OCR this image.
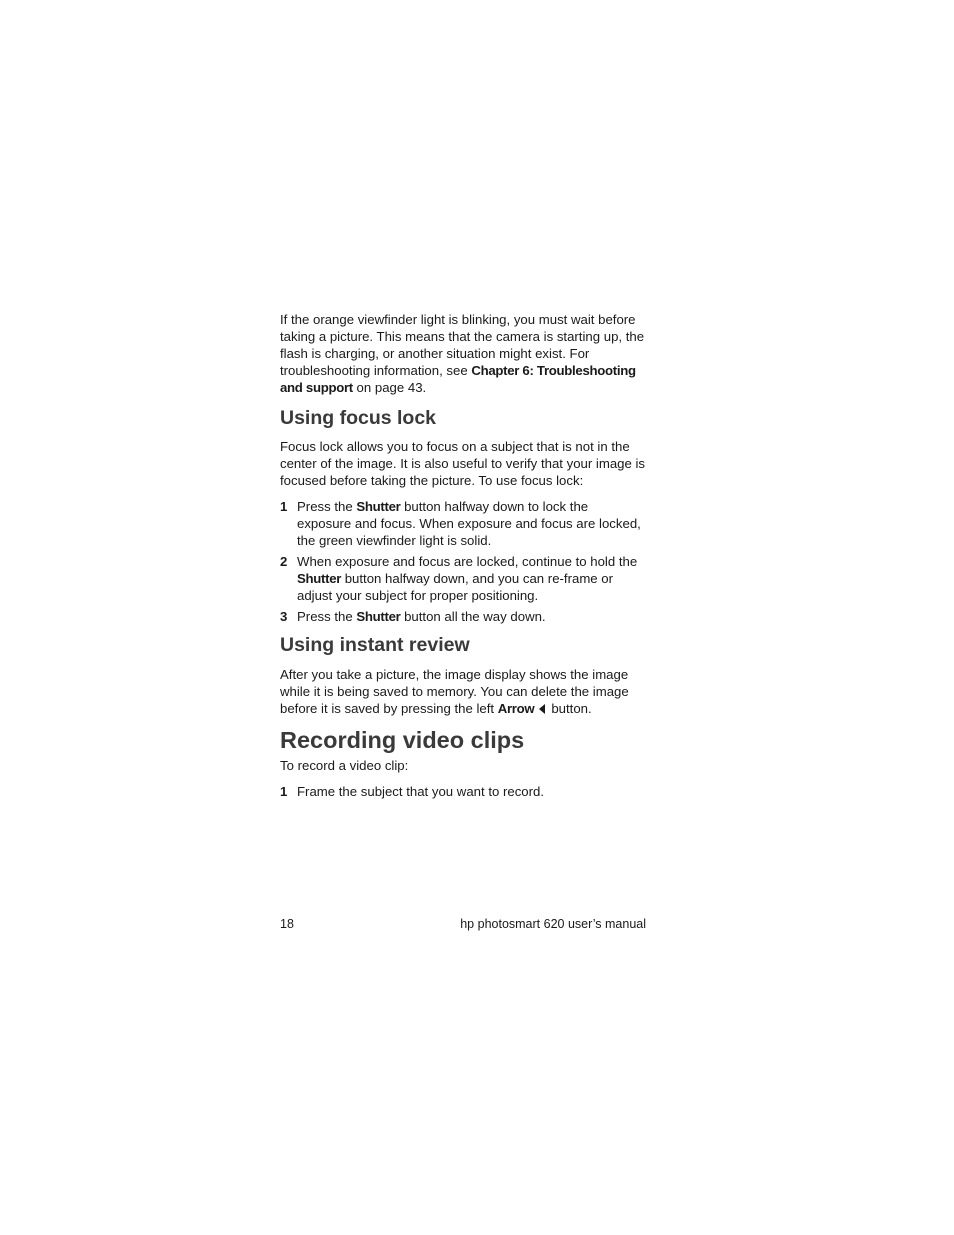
If the orange viewfinder light is blinking, you must wait before taking a picture. This means that the camera is starting up, the flash is charging, or another situation might exist. For troubleshooting information, see Chapter 6: Troubleshooting and support on page 43.

Using focus lock

Focus lock allows you to focus on a subject that is not in the center of the image. It is also useful to verify that your image is focused before taking the picture. To use focus lock:

1 Press the Shutter button halfway down to lock the exposure and focus. When exposure and focus are locked, the green viewfinder light is solid.
2 When exposure and focus are locked, continue to hold the Shutter button halfway down, and you can re-frame or adjust your subject for proper positioning.
3 Press the Shutter button all the way down.
Using instant review

After you take a picture, the image display shows the image while it is being saved to memory. You can delete the image before it is saved by pressing the left Arrow button.

Recording video clips

To record a video clip:

1 Frame the subject that you want to record.
18	hp photosmart 620 user’s manual
